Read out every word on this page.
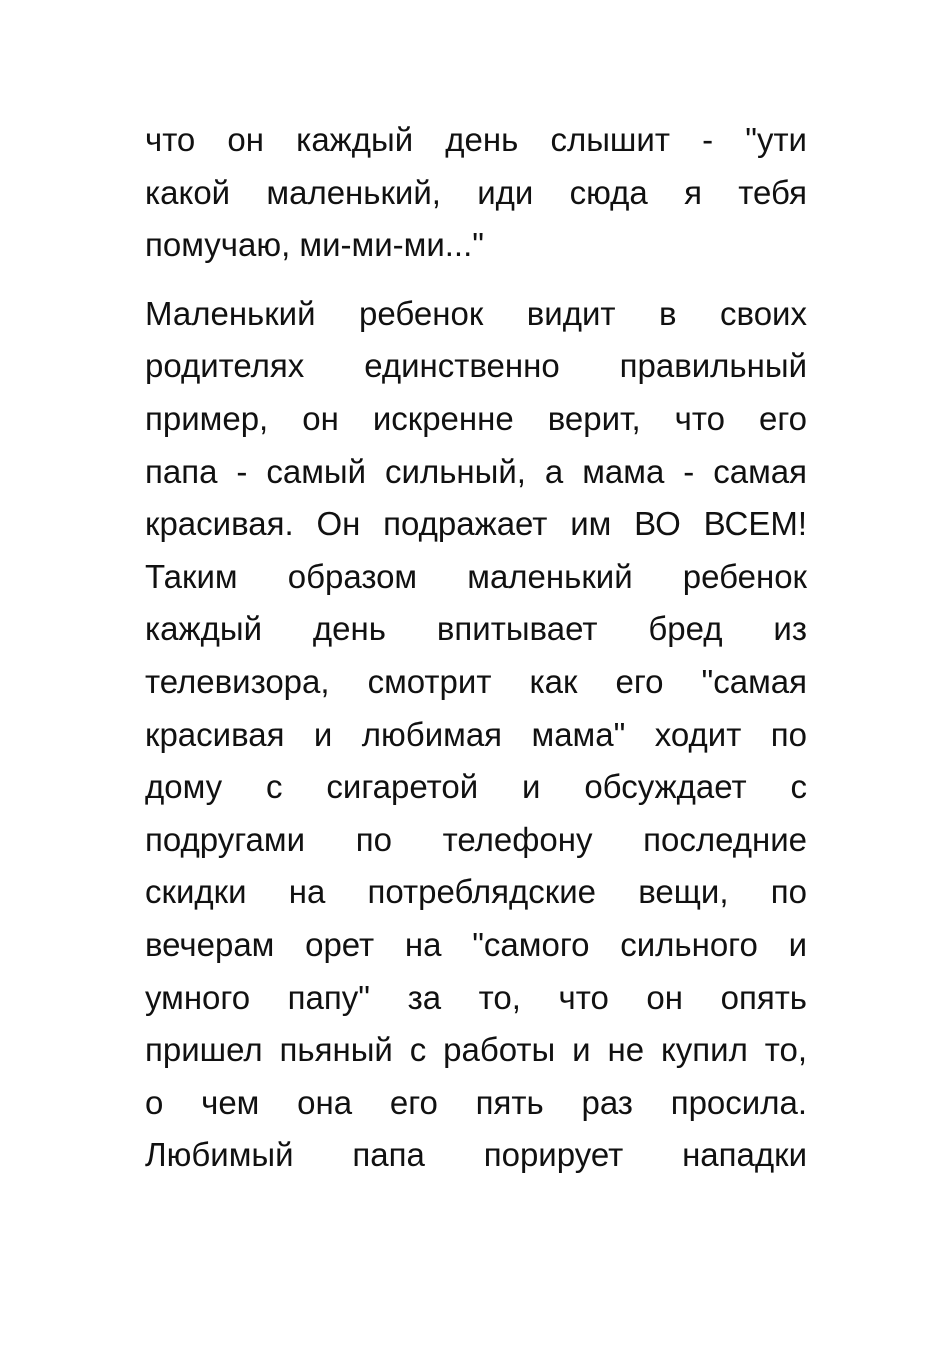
что он каждый день слышит - "ути
какой маленький, иди сюда я тебя
помучаю, ми-ми-ми..."

Маленький ребенок видит в своих
родителях единственно правильный
пример, он искренне верит, что его
папа - самый сильный, а мама - самая
красивая. Он подражает им ВО ВСЕМ!
Таким образом маленький ребенок
каждый день впитывает бред из
телевизора, смотрит как его "самая
красивая и любимая мама" ходит по
дому с сигаретой и обсуждает с
подругами по телефону последние
скидки на потреблядские вещи, по
вечерам орет на "самого сильного и
умного папу" за то, что он опять
пришел пьяный с работы и не купил то,
о чем она его пять раз просила.
Любимый папа порирует нападки
